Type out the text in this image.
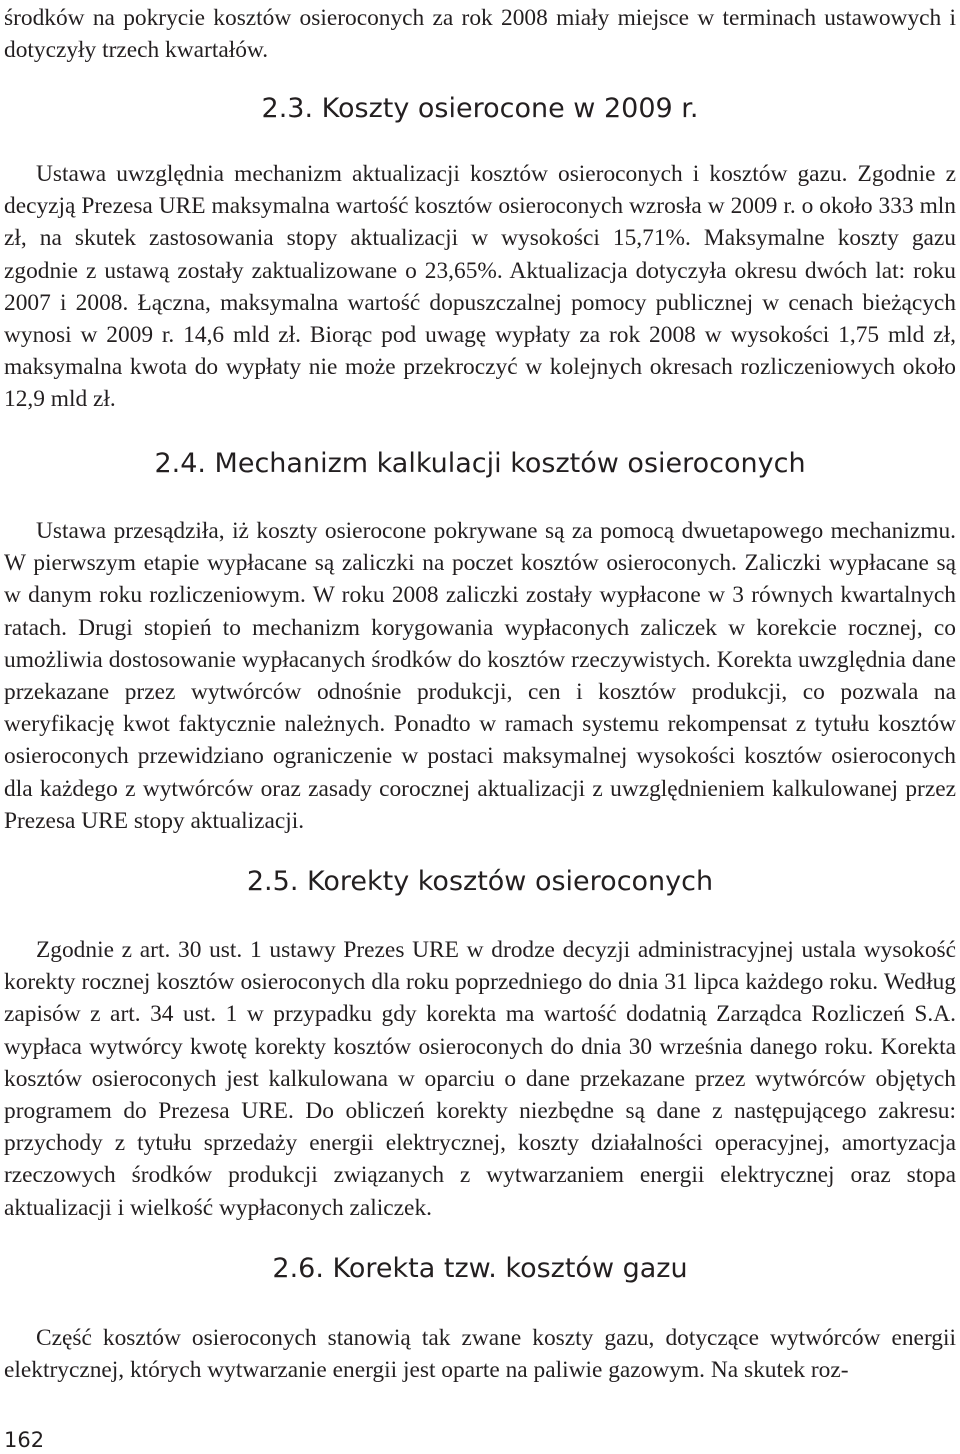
środków na pokrycie kosztów osieroconych za rok 2008 miały miejsce w terminach ustawowych i dotyczyły trzech kwartałów.

2.3. Koszty osierocone w 2009 r.

Ustawa uwzględnia mechanizm aktualizacji kosztów osieroconych i kosztów gazu. Zgodnie z decyzją Prezesa URE maksymalna wartość kosztów osieroconych wzrosła w 2009 r. o około 333 mln zł, na skutek zastosowania stopy aktualizacji w wysokości 15,71%. Maksymalne koszty gazu zgodnie z ustawą zostały zaktualizowane o 23,65%. Aktualizacja dotyczyła okresu dwóch lat: roku 2007 i 2008. Łączna, maksymalna wartość dopuszczalnej pomocy publicznej w cenach bieżących wynosi w 2009 r. 14,6 mld zł. Biorąc pod uwagę wypłaty za rok 2008 w wysokości 1,75 mld zł, maksymalna kwota do wypłaty nie może przekroczyć w kolejnych okresach rozliczeniowych około 12,9 mld zł.

2.4. Mechanizm kalkulacji kosztów osieroconych

Ustawa przesądziła, iż koszty osierocone pokrywane są za pomocą dwuetapowego mechanizmu. W pierwszym etapie wypłacane są zaliczki na poczet kosztów osieroconych. Zaliczki wypłacane są w danym roku rozliczeniowym. W roku 2008 zaliczki zostały wypłacone w 3 równych kwartalnych ratach. Drugi stopień to mechanizm korygowania wypłaconych zaliczek w korekcie rocznej, co umożliwia dostosowanie wypłacanych środków do kosztów rzeczywistych. Korekta uwzględnia dane przekazane przez wytwórców odnośnie produkcji, cen i kosztów produkcji, co pozwala na weryfikację kwot faktycznie należnych. Ponadto w ramach systemu rekompensat z tytułu kosztów osieroconych przewidziano ograniczenie w postaci maksymalnej wysokości kosztów osieroconych dla każdego z wytwórców oraz zasady corocznej aktualizacji z uwzględnieniem kalkulowanej przez Prezesa URE stopy aktualizacji.

2.5. Korekty kosztów osieroconych

Zgodnie z art. 30 ust. 1 ustawy Prezes URE w drodze decyzji administracyjnej ustala wysokość korekty rocznej kosztów osieroconych dla roku poprzedniego do dnia 31 lipca każdego roku. Według zapisów z art. 34 ust. 1 w przypadku gdy korekta ma wartość dodatnią Zarządca Rozliczeń S.A. wypłaca wytwórcy kwotę korekty kosztów osieroconych do dnia 30 września danego roku. Korekta kosztów osieroconych jest kalkulowana w oparciu o dane przekazane przez wytwórców objętych programem do Prezesa URE. Do obliczeń korekty niezbędne są dane z następującego zakresu: przychody z tytułu sprzedaży energii elektrycznej, koszty działalności operacyjnej, amortyzacja rzeczowych środków produkcji związanych z wytwarzaniem energii elektrycznej oraz stopa aktualizacji i wielkość wypłaconych zaliczek.

2.6. Korekta tzw. kosztów gazu

Część kosztów osieroconych stanowią tak zwane koszty gazu, dotyczące wytwórców energii elektrycznej, których wytwarzanie energii jest oparte na paliwie gazowym. Na skutek roz-

162
